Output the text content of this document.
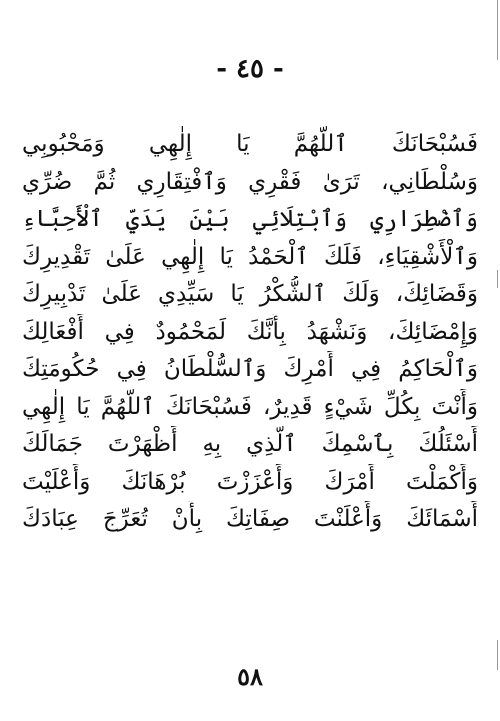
- ٤٥ -
فَسُبْحَانَكَ ٱللَّهُمَّ يَا إِلٰهِي وَمَحْبُوبِي
وَسُلْطَانِي، تَرَىٰ فَقْرِي وَٱفْتِقَارِي ثُمَّ ضُرِّي
وَٱضْطِرَارِي وَٱبْتِلَائِي بَيْنَ يَدَيِّ ٱلْأَحِبَّاءِ
وَٱلْأَشْقِيَاءِ، فَلَكَ ٱلْحَمْدُ يَا إِلٰهِي عَلَىٰ تَقْدِيرِكَ
وَقَضَائِكَ، وَلَكَ ٱلشُّكْرُ يَا سَيِّدِي عَلَىٰ تَدْبِيرِكَ
وَإِمْضَائِكَ، وَنَشْهَدُ بِأَنَّكَ لَمَحْمُودٌ فِي أَفْعَالِكَ
وَٱلْحَاكِمُ فِي أَمْرِكَ وَٱلسُّلْطَانُ فِي حُكُومَتِكَ
وَأَنْتَ بِكُلِّ شَيْءٍ قَدِيرٌ، فَسُبْحَانَكَ ٱللَّهُمَّ يَا إِلٰهِي
أَسْئَلُكَ بِٱسْمِكَ ٱلَّذِي بِهِ أَظْهَرْتَ جَمَالَكَ
وَأَكْمَلْتَ أَمْرَكَ وَأَعْزَزْتَ بُرْهَانَكَ وَأَعْلَيْتَ
أَسْمَائَكَ وَأَعْلَنْتَ صِفَاتِكَ بِأَنْ تُعَرِّجَ عِبَادَكَ
٥٨
